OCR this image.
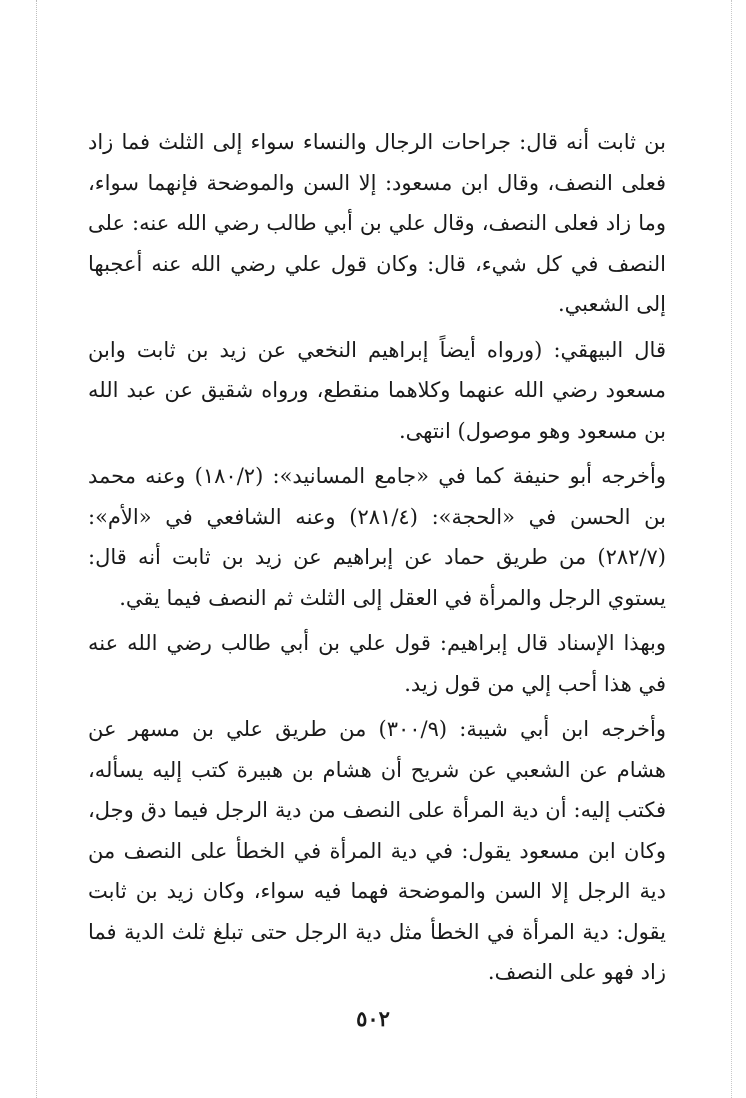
بن ثابت أنه قال: جراحات الرجال والنساء سواء إلى الثلث فما زاد فعلى النصف، وقال ابن مسعود: إلا السن والموضحة فإنهما سواء، وما زاد فعلى النصف، وقال علي بن أبي طالب رضي الله عنه: على النصف في كل شيء، قال: وكان قول علي رضي الله عنه أعجبها إلى الشعبي.

قال البيهقي: (ورواه أيضاً إبراهيم النخعي عن زيد بن ثابت وابن مسعود رضي الله عنهما وكلاهما منقطع، ورواه شقيق عن عبد الله بن مسعود وهو موصول) انتهى.

وأخرجه أبو حنيفة كما في «جامع المسانيد»: (١٨٠/٢) وعنه محمد بن الحسن في «الحجة»: (٢٨١/٤) وعنه الشافعي في «الأم»: (٢٨٢/٧) من طريق حماد عن إبراهيم عن زيد بن ثابت أنه قال: يستوي الرجل والمرأة في العقل إلى الثلث ثم النصف فيما يقي.

وبهذا الإسناد قال إبراهيم: قول علي بن أبي طالب رضي الله عنه في هذا أحب إلي من قول زيد.

وأخرجه ابن أبي شيبة: (٣٠٠/٩) من طريق علي بن مسهر عن هشام عن الشعبي عن شريح أن هشام بن هبيرة كتب إليه يسأله، فكتب إليه: أن دية المرأة على النصف من دية الرجل فيما دق وجل، وكان ابن مسعود يقول: في دية المرأة في الخطأ على النصف من دية الرجل إلا السن والموضحة فهما فيه سواء، وكان زيد بن ثابت يقول: دية المرأة في الخطأ مثل دية الرجل حتى تبلغ ثلث الدية فما زاد فهو على النصف.

٥٠٢
